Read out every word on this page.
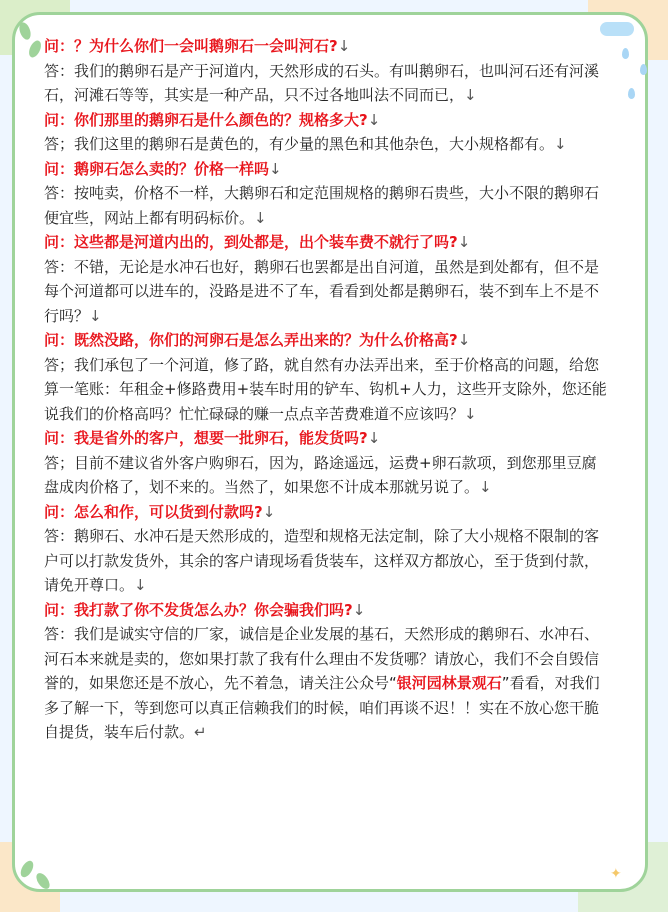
✦

问：？为什么你们一会叫鹅卵石一会叫河石?↓

答：我们的鹅卵石是产于河道内，天然形成的石头。有叫鹅卵石，也叫河石还有河溪石，河滩石等等，其实是一种产品，只不过各地叫法不同而已，↓

问：你们那里的鹅卵石是什么颜色的？规格多大?↓

答；我们这里的鹅卵石是黄色的，有少量的黑色和其他杂色，大小规格都有。↓

问：鹅卵石怎么卖的？价格一样吗↓

答：按吨卖，价格不一样，大鹅卵石和定范围规格的鹅卵石贵些，大小不限的鹅卵石便宜些，网站上都有明码标价。↓

问：这些都是河道内出的，到处都是，出个装车费不就行了吗?↓

答：不错，无论是水冲石也好，鹅卵石也罢都是出自河道，虽然是到处都有，但不是每个河道都可以进车的，没路是进不了车，看看到处都是鹅卵石，装不到车上不是不行吗？↓

问：既然没路，你们的河卵石是怎么弄出来的？为什么价格高?↓

答；我们承包了一个河道，修了路，就自然有办法弄出来，至于价格高的问题，给您算一笔账：年租金+修路费用+装车时用的铲车、钩机+人力，这些开支除外，您还能说我们的价格高吗？忙忙碌碌的赚一点点辛苦费难道不应该吗？↓

问：我是省外的客户，想要一批卵石，能发货吗?↓

答；目前不建议省外客户购卵石，因为，路途遥远，运费+卵石款项，到您那里豆腐盘成肉价格了，划不来的。当然了，如果您不计成本那就另说了。↓

问：怎么和作，可以货到付款吗?↓

答：鹅卵石、水冲石是天然形成的，造型和规格无法定制，除了大小规格不限制的客户可以打款发货外，其余的客户请现场看货装车，这样双方都放心，至于货到付款，请免开尊口。↓

问：我打款了你不发货怎么办？你会骗我们吗?↓

答：我们是诚实守信的厂家，诚信是企业发展的基石，天然形成的鹅卵石、水冲石、河石本来就是卖的，您如果打款了我有什么理由不发货哪？请放心，我们不会自毁信誉的，如果您还是不放心，先不着急，请关注公众号“银河园林景观石”看看，对我们多了解一下，等到您可以真正信赖我们的时候，咱们再谈不迟！！实在不放心您干脆自提货，装车后付款。↵
